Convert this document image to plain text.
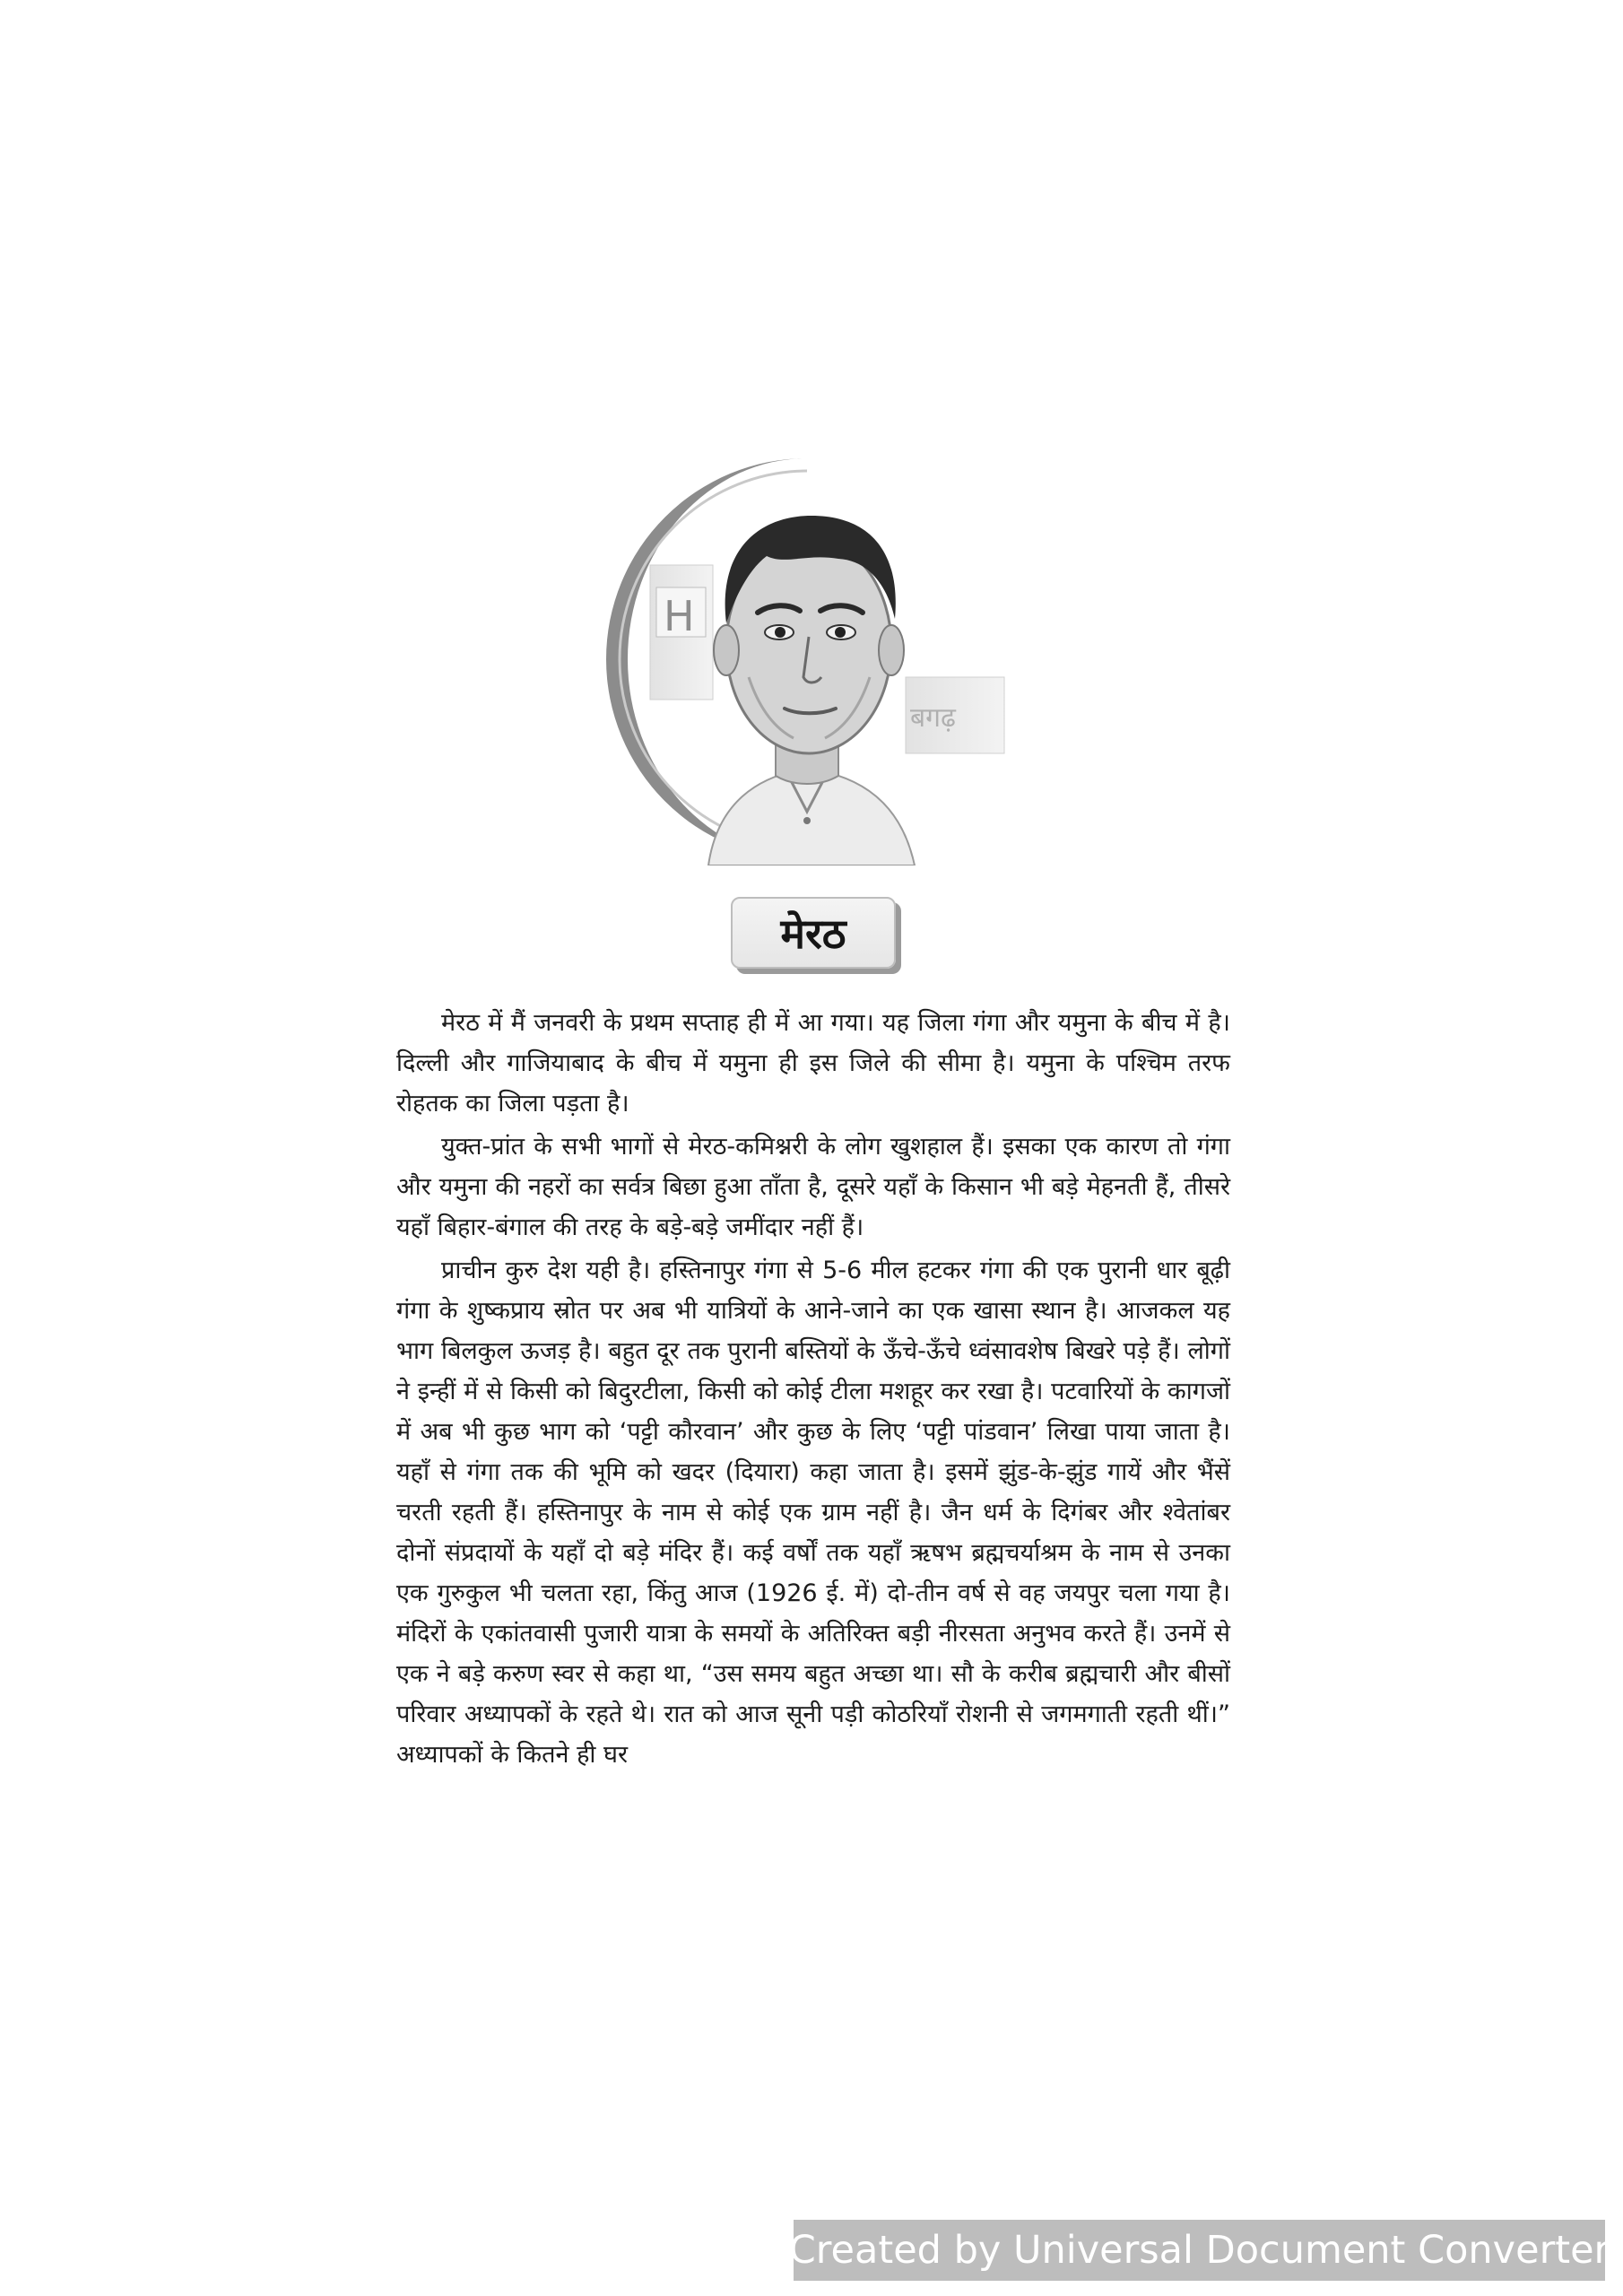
H
बगढ़
मेरठ

मेरठ में मैं जनवरी के प्रथम सप्ताह ही में आ गया। यह जिला गंगा और यमुना के बीच में है। दिल्ली और गाजियाबाद के बीच में यमुना ही इस जिले की सीमा है। यमुना के पश्चिम तरफ रोहतक का जिला पड़ता है।

युक्त-प्रांत के सभी भागों से मेरठ-कमिश्नरी के लोग खुशहाल हैं। इसका एक कारण तो गंगा और यमुना की नहरों का सर्वत्र बिछा हुआ ताँता है, दूसरे यहाँ के किसान भी बड़े मेहनती हैं, तीसरे यहाँ बिहार-बंगाल की तरह के बड़े-बड़े जमींदार नहीं हैं।

प्राचीन कुरु देश यही है। हस्तिनापुर गंगा से 5-6 मील हटकर गंगा की एक पुरानी धार बूढ़ी गंगा के शुष्कप्राय स्रोत पर अब भी यात्रियों के आने-जाने का एक खासा स्थान है। आजकल यह भाग बिलकुल ऊजड़ है। बहुत दूर तक पुरानी बस्तियों के ऊँचे-ऊँचे ध्वंसावशेष बिखरे पड़े हैं। लोगों ने इन्हीं में से किसी को बिदुरटीला, किसी को कोई टीला मशहूर कर रखा है। पटवारियों के कागजों में अब भी कुछ भाग को ‘पट्टी कौरवान’ और कुछ के लिए ‘पट्टी पांडवान’ लिखा पाया जाता है। यहाँ से गंगा तक की भूमि को खदर (दियारा) कहा जाता है। इसमें झुंड-के-झुंड गायें और भैंसें चरती रहती हैं। हस्तिनापुर के नाम से कोई एक ग्राम नहीं है। जैन धर्म के दिगंबर और श्वेतांबर दोनों संप्रदायों के यहाँ दो बड़े मंदिर हैं। कई वर्षों तक यहाँ ऋषभ ब्रह्मचर्याश्रम के नाम से उनका एक गुरुकुल भी चलता रहा, किंतु आज (1926 ई. में) दो-तीन वर्ष से वह जयपुर चला गया है। मंदिरों के एकांतवासी पुजारी यात्रा के समयों के अतिरिक्त बड़ी नीरसता अनुभव करते हैं। उनमें से एक ने बड़े करुण स्वर से कहा था, “उस समय बहुत अच्छा था। सौ के करीब ब्रह्मचारी और बीसों परिवार अध्यापकों के रहते थे। रात को आज सूनी पड़ी कोठरियाँ रोशनी से जगमगाती रहती थीं।” अध्यापकों के कितने ही घर

Created by Universal Document Converter
